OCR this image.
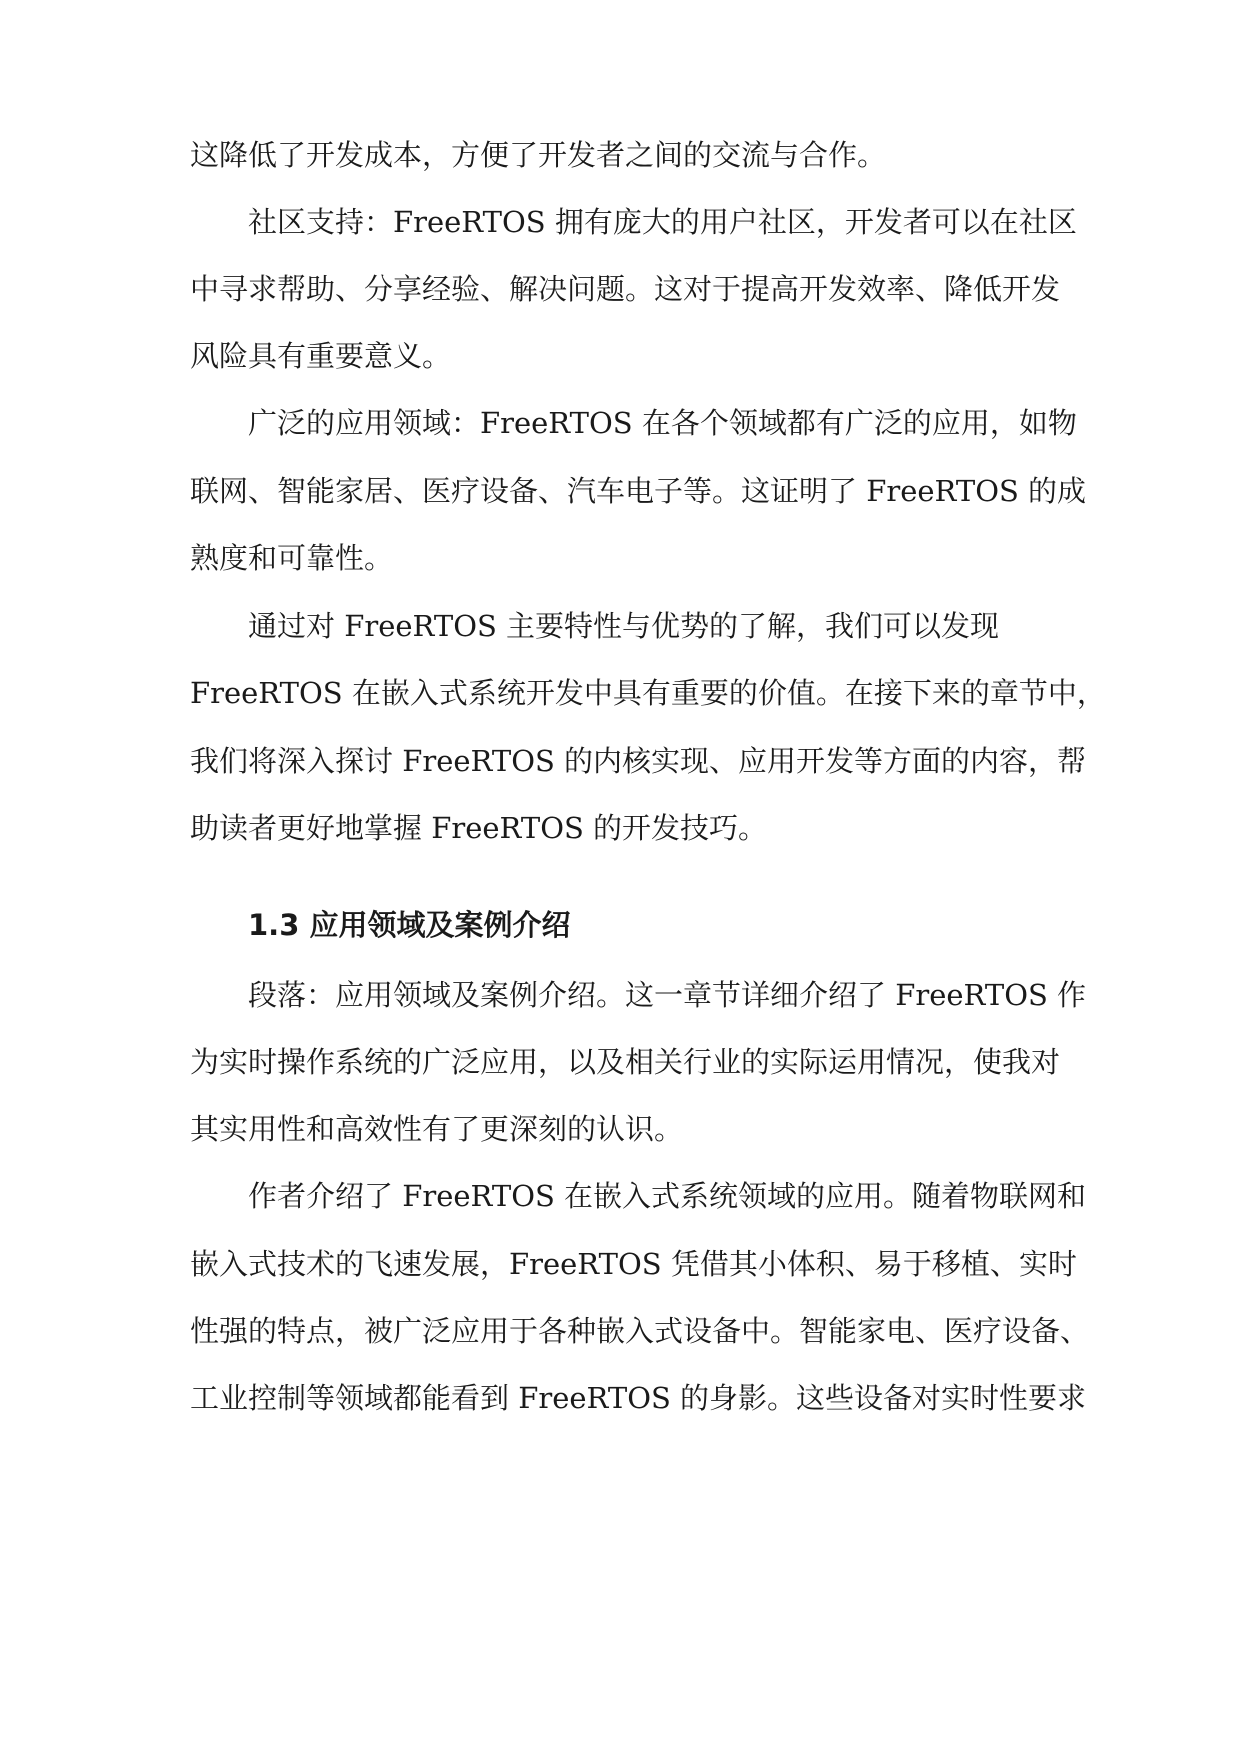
这降低了开发成本，方便了开发者之间的交流与合作。
社区支持：FreeRTOS 拥有庞大的用户社区，开发者可以在社区
中寻求帮助、分享经验、解决问题。这对于提高开发效率、降低开发
风险具有重要意义。
广泛的应用领域：FreeRTOS 在各个领域都有广泛的应用，如物
联网、智能家居、医疗设备、汽车电子等。这证明了 FreeRTOS 的成
熟度和可靠性。
通过对 FreeRTOS 主要特性与优势的了解，我们可以发现
FreeRTOS 在嵌入式系统开发中具有重要的价值。在接下来的章节中，
我们将深入探讨 FreeRTOS 的内核实现、应用开发等方面的内容，帮
助读者更好地掌握 FreeRTOS 的开发技巧。
1.3 应用领域及案例介绍
段落：应用领域及案例介绍。这一章节详细介绍了 FreeRTOS 作
为实时操作系统的广泛应用，以及相关行业的实际运用情况，使我对
其实用性和高效性有了更深刻的认识。
作者介绍了 FreeRTOS 在嵌入式系统领域的应用。随着物联网和
嵌入式技术的飞速发展，FreeRTOS 凭借其小体积、易于移植、实时
性强的特点，被广泛应用于各种嵌入式设备中。智能家电、医疗设备、
工业控制等领域都能看到 FreeRTOS 的身影。这些设备对实时性要求
